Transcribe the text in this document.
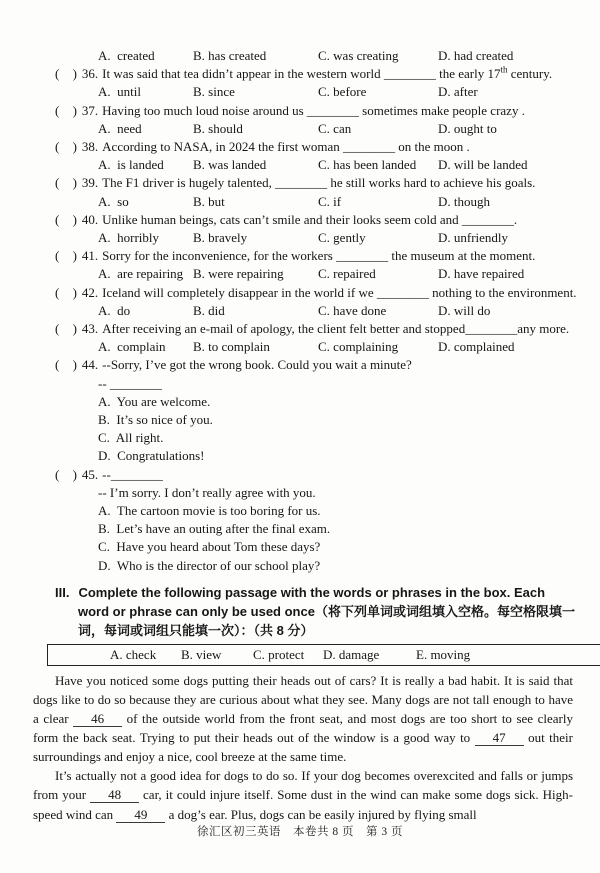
A.  created	B. has created	C. was creating	D. had created
( ) 36. It was said that tea didn’t appear in the western world ________ the early 17th century.
A.  until	B. since	C. before	D. after
( ) 37. Having too much loud noise around us ________ sometimes make people crazy .
A.  need	B. should	C. can	D. ought to
( ) 38. According to NASA, in 2024 the first woman ________ on the moon .
A.  is landed	B. was landed	C. has been landed	D. will be landed
( ) 39. The F1 driver is hugely talented, ________ he still works hard to achieve his goals.
A.  so	B. but	C. if	D. though
( ) 40. Unlike human beings, cats can’t smile and their looks seem cold and ________.
A.  horribly	B. bravely	C. gently	D. unfriendly
( ) 41. Sorry for the inconvenience, for the workers ________ the museum at the moment.
A.  are repairing B. were repairing	C. repaired	D. have repaired
( ) 42. Iceland will completely disappear in the world if we ________ nothing to the environment.
A.  do	B. did	C. have done	D. will do
( ) 43. After receiving an e-mail of apology, the client felt better and stopped________any more.
A.  complain	B. to complain	C. complaining	D. complained
( ) 44. --Sorry, I’ve got the wrong book. Could you wait a minute?
-- ________
A.  You are welcome.
B.  It’s so nice of you.
C.  All right.
D.  Congratulations!
( ) 45. --________
-- I’m sorry. I don’t really agree with you.
A.  The cartoon movie is too boring for us.
B.  Let’s have an outing after the final exam.
C.  Have you heard about Tom these days?
D.  Who is the director of our school play?
III. Complete the following passage with the words or phrases in the box. Each word or phrase can only be used once（将下列单词或词组填入空格。每空格限填一词，每词或词组只能填一次）：（共 8 分）
A. check	B. view	C. protect	D. damage	E. moving

Have you noticed some dogs putting their heads out of cars? It is really a bad habit. It is said that dogs like to do so because they are curious about what they see. Many dogs are not tall enough to have a clear 46 of the outside world from the front seat, and most dogs are too short to see clearly form the back seat. Trying to put their heads out of the window is a good way to 47 out their surroundings and enjoy a nice, cool breeze at the same time.

It’s actually not a good idea for dogs to do so. If your dog becomes overexcited and falls or jumps from your 48 car, it could injure itself. Some dust in the wind can make some dogs sick. High-speed wind can 49 a dog’s ear. Plus, dogs can be easily injured by flying small

徐汇区初三英语　本卷共 8 页　第 3 页
